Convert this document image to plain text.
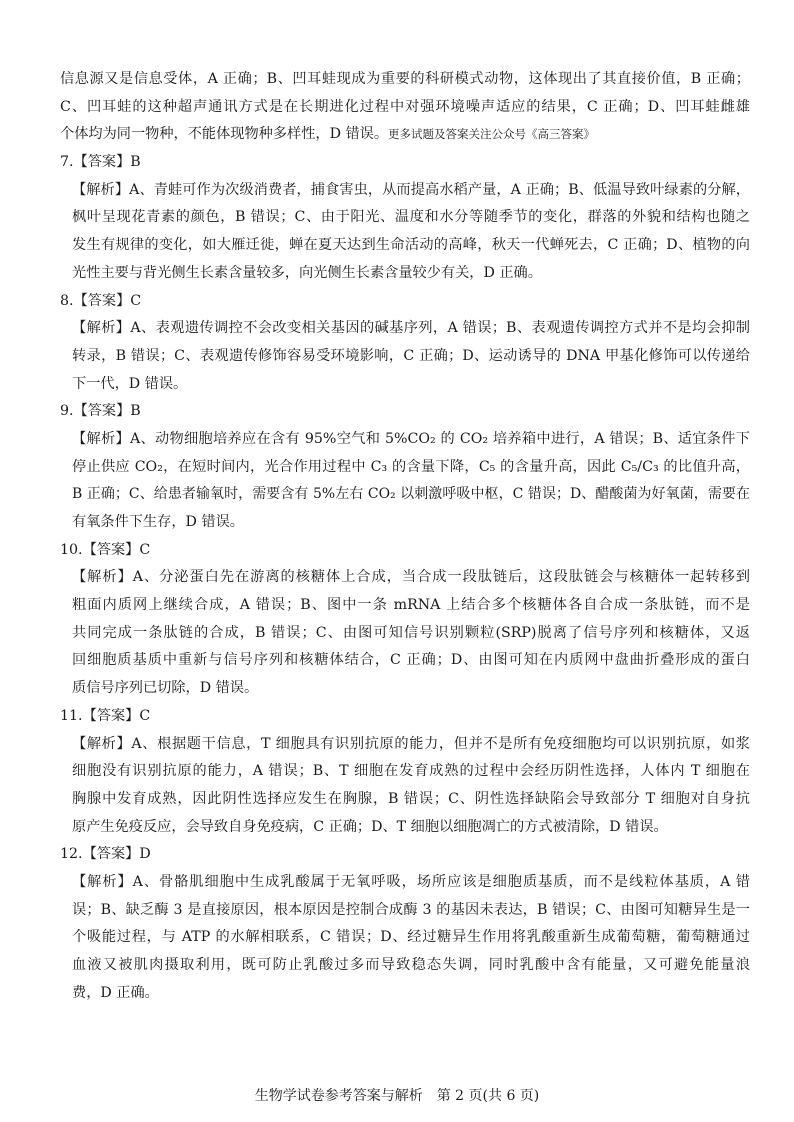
信息源又是信息受体，A 正确；B、凹耳蛙现成为重要的科研模式动物，这体现出了其直接价值，B 正确；
C、凹耳蛙的这种超声通讯方式是在长期进化过程中对强环境噪声适应的结果，C 正确；D、凹耳蛙雌雄
个体均为同一物种，不能体现物种多样性，D 错误。更多试题及答案关注公众号《高三答案》
7.【答案】B
【解析】A、青蛙可作为次级消费者，捕食害虫，从而提高水稻产量，A 正确；B、低温导致叶绿素的分解，
枫叶呈现花青素的颜色，B 错误；C、由于阳光、温度和水分等随季节的变化，群落的外貌和结构也随之
发生有规律的变化，如大雁迁徙，蝉在夏天达到生命活动的高峰，秋天一代蝉死去，C 正确；D、植物的向
光性主要与背光侧生长素含量较多，向光侧生长素含量较少有关，D 正确。
8.【答案】C
【解析】A、表观遗传调控不会改变相关基因的碱基序列，A 错误；B、表观遗传调控方式并不是均会抑制
转录，B 错误；C、表观遗传修饰容易受环境影响，C 正确；D、运动诱导的 DNA 甲基化修饰可以传递给
下一代，D 错误。
9.【答案】B
【解析】A、动物细胞培养应在含有 95%空气和 5%CO₂ 的 CO₂ 培养箱中进行，A 错误；B、适宜条件下
停止供应 CO₂，在短时间内，光合作用过程中 C₃ 的含量下降，C₅ 的含量升高，因此 C₅/C₃ 的比值升高，
B 正确；C、给患者输氧时，需要含有 5%左右 CO₂ 以刺激呼吸中枢，C 错误；D、醋酸菌为好氧菌，需要在
有氧条件下生存，D 错误。
10.【答案】C
【解析】A、分泌蛋白先在游离的核糖体上合成，当合成一段肽链后，这段肽链会与核糖体一起转移到
粗面内质网上继续合成，A 错误；B、图中一条 mRNA 上结合多个核糖体各自合成一条肽链，而不是
共同完成一条肽链的合成，B 错误；C、由图可知信号识别颗粒(SRP)脱离了信号序列和核糖体，又返
回细胞质基质中重新与信号序列和核糖体结合，C 正确；D、由图可知在内质网中盘曲折叠形成的蛋白
质信号序列已切除，D 错误。
11.【答案】C
【解析】A、根据题干信息，T 细胞具有识别抗原的能力，但并不是所有免疫细胞均可以识别抗原，如浆
细胞没有识别抗原的能力，A 错误；B、T 细胞在发育成熟的过程中会经历阴性选择，人体内 T 细胞在
胸腺中发育成熟，因此阴性选择应发生在胸腺，B 错误；C、阴性选择缺陷会导致部分 T 细胞对自身抗
原产生免疫反应，会导致自身免疫病，C 正确；D、T 细胞以细胞凋亡的方式被清除，D 错误。
12.【答案】D
【解析】A、骨骼肌细胞中生成乳酸属于无氧呼吸，场所应该是细胞质基质，而不是线粒体基质，A 错
误；B、缺乏酶 3 是直接原因，根本原因是控制合成酶 3 的基因未表达，B 错误；C、由图可知糖异生是一
个吸能过程，与 ATP 的水解相联系，C 错误；D、经过糖异生作用将乳酸重新生成葡萄糖，葡萄糖通过
血液又被肌肉摄取利用，既可防止乳酸过多而导致稳态失调，同时乳酸中含有能量，又可避免能量浪
费，D 正确。
生物学试卷参考答案与解析　第 2 页(共 6 页)
